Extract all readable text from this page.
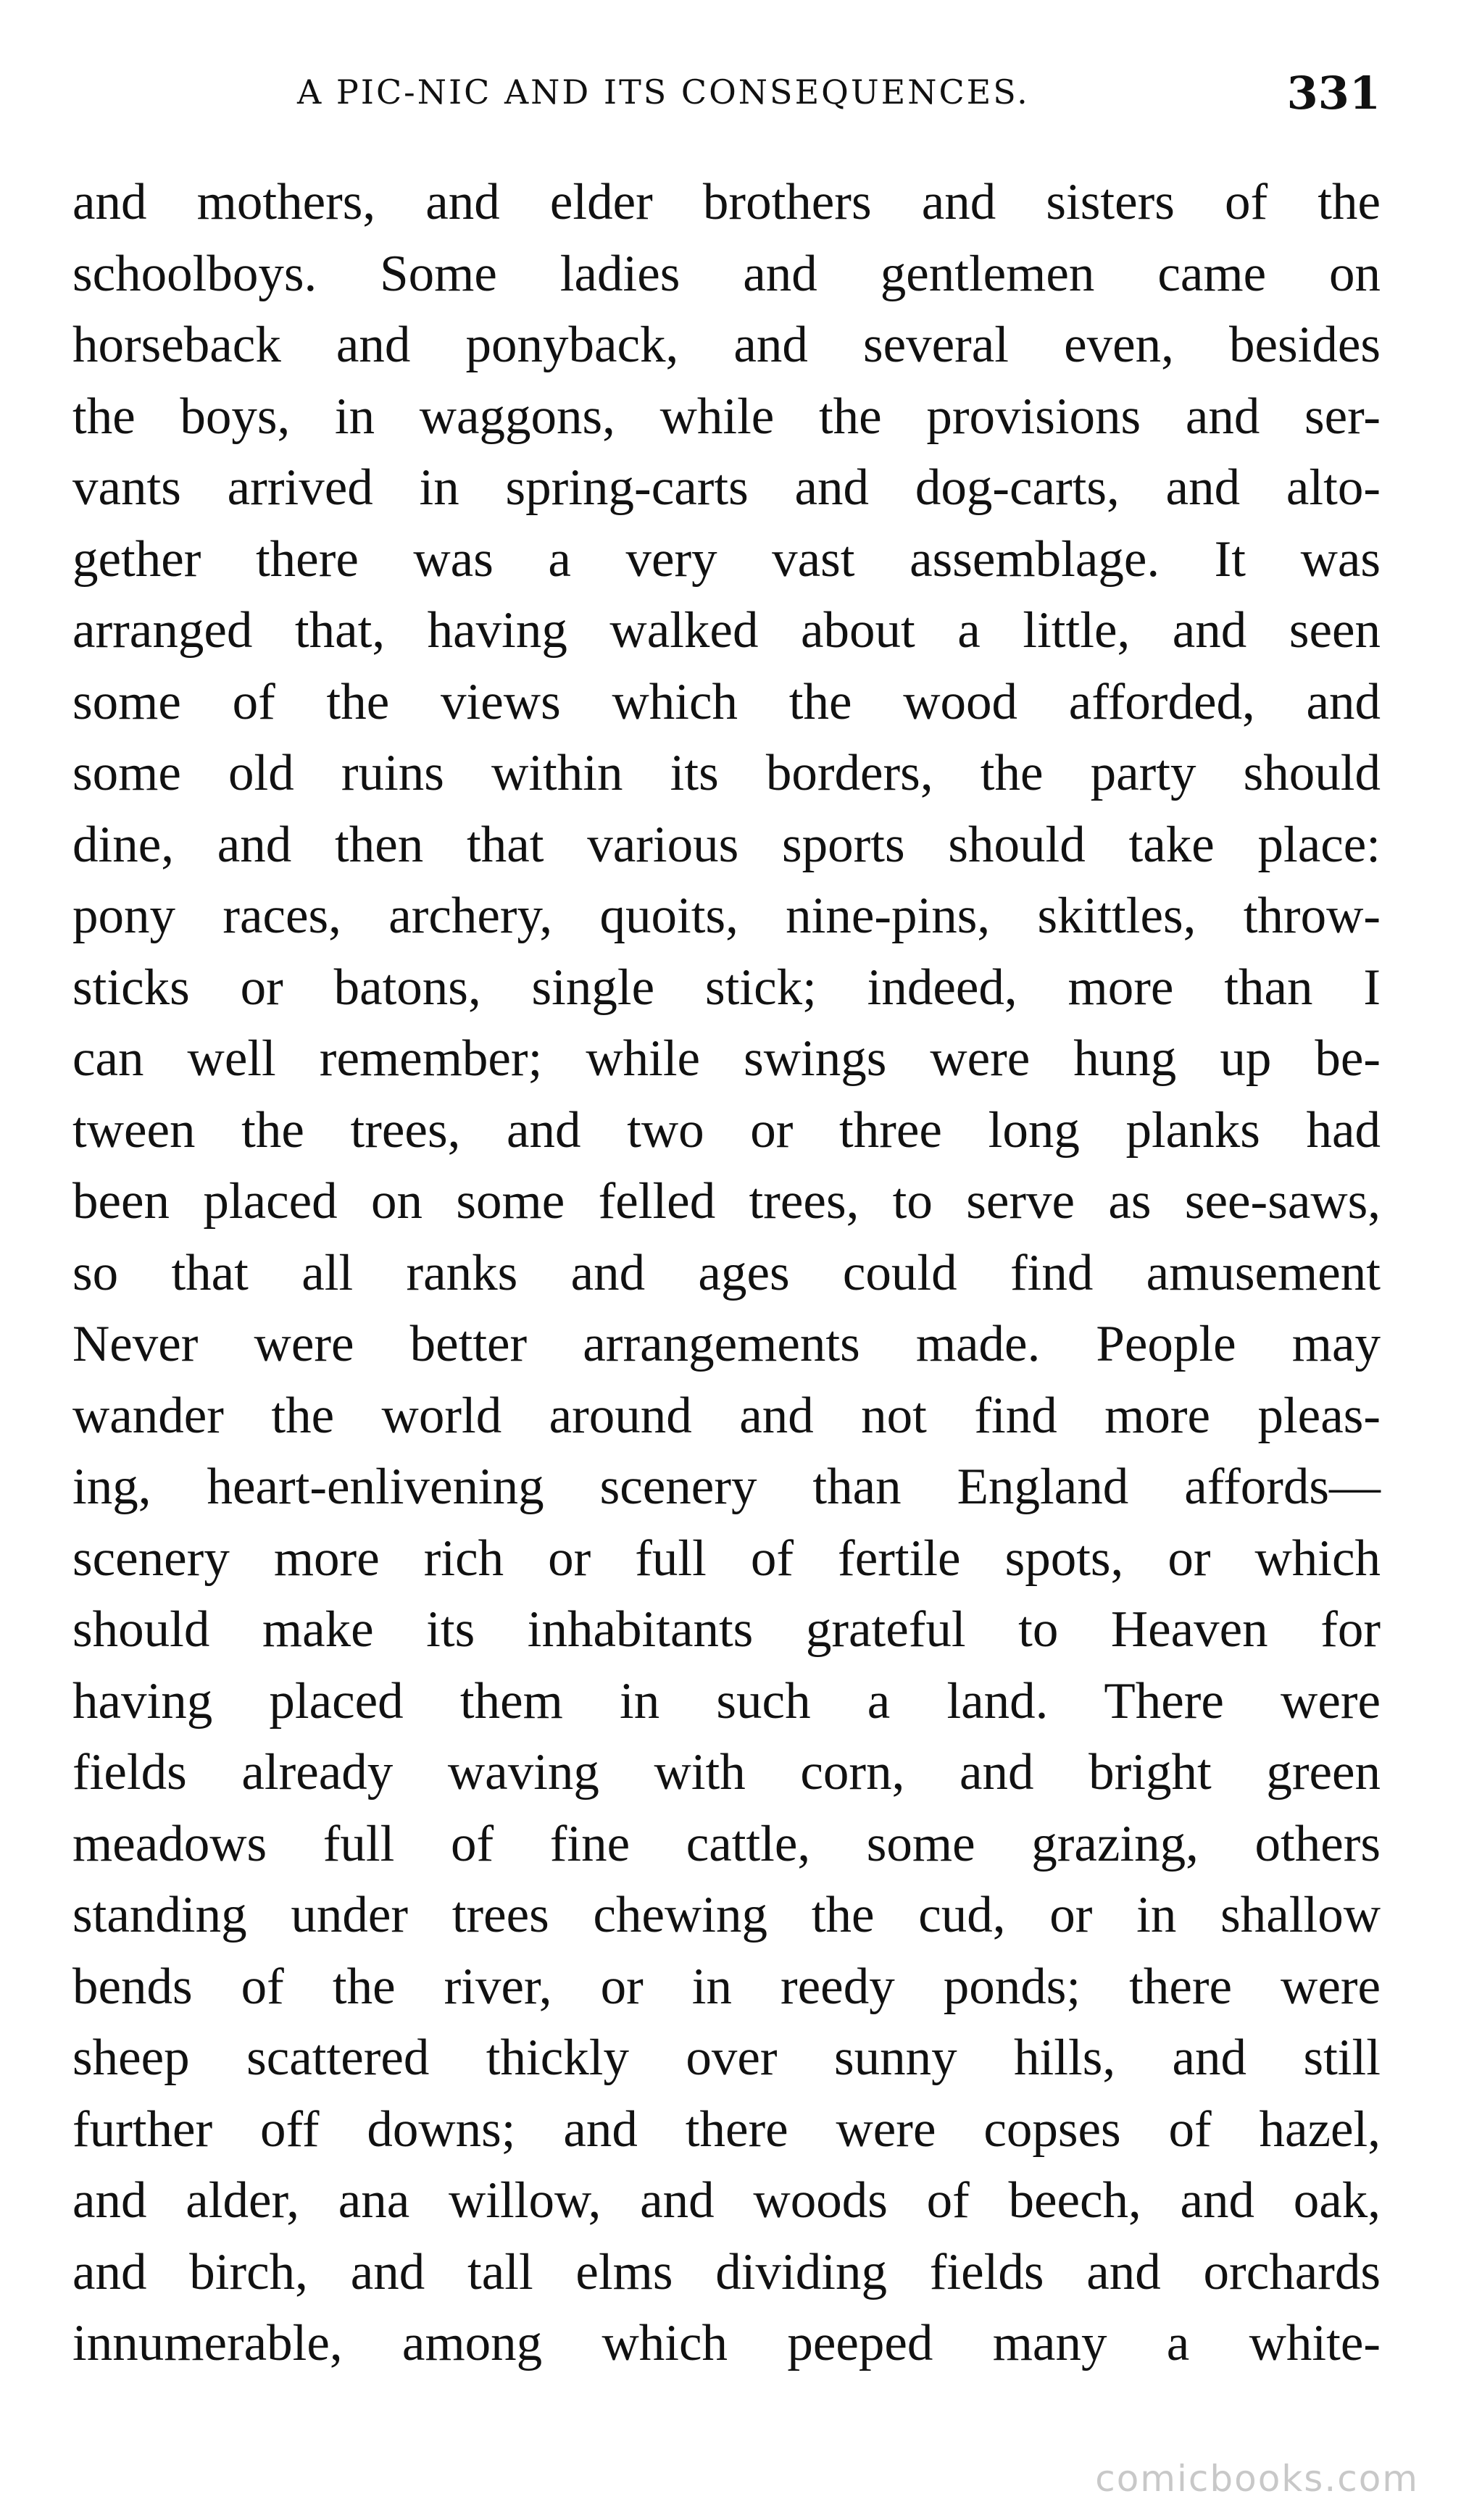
A PIC-NIC AND ITS CONSEQUENCES.	331
and mothers, and elder brothers and sisters of the
schoolboys. Some ladies and gentlemen came on
horseback and ponyback, and several even, besides
the boys, in waggons, while the provisions and ser-
vants arrived in spring-carts and dog-carts, and alto-
gether there was a very vast assemblage. It was
arranged that, having walked about a little, and seen
some of the views which the wood afforded, and
some old ruins within its borders, the party should
dine, and then that various sports should take place:
pony races, archery, quoits, nine-pins, skittles, throw-
sticks or batons, single stick; indeed, more than I
can well remember; while swings were hung up be-
tween the trees, and two or three long planks had
been placed on some felled trees, to serve as see-saws,
so that all ranks and ages could find amusement
Never were better arrangements made. People may
wander the world around and not find more pleas-
ing, heart-enlivening scenery than England affords—
scenery more rich or full of fertile spots, or which
should make its inhabitants grateful to Heaven for
having placed them in such a land. There were
fields already waving with corn, and bright green
meadows full of fine cattle, some grazing, others
standing under trees chewing the cud, or in shallow
bends of the river, or in reedy ponds; there were
sheep scattered thickly over sunny hills, and still
further off downs; and there were copses of hazel,
and alder, ana willow, and woods of beech, and oak,
and birch, and tall elms dividing fields and orchards
innumerable, among which peeped many a white-
comicbooks.com
